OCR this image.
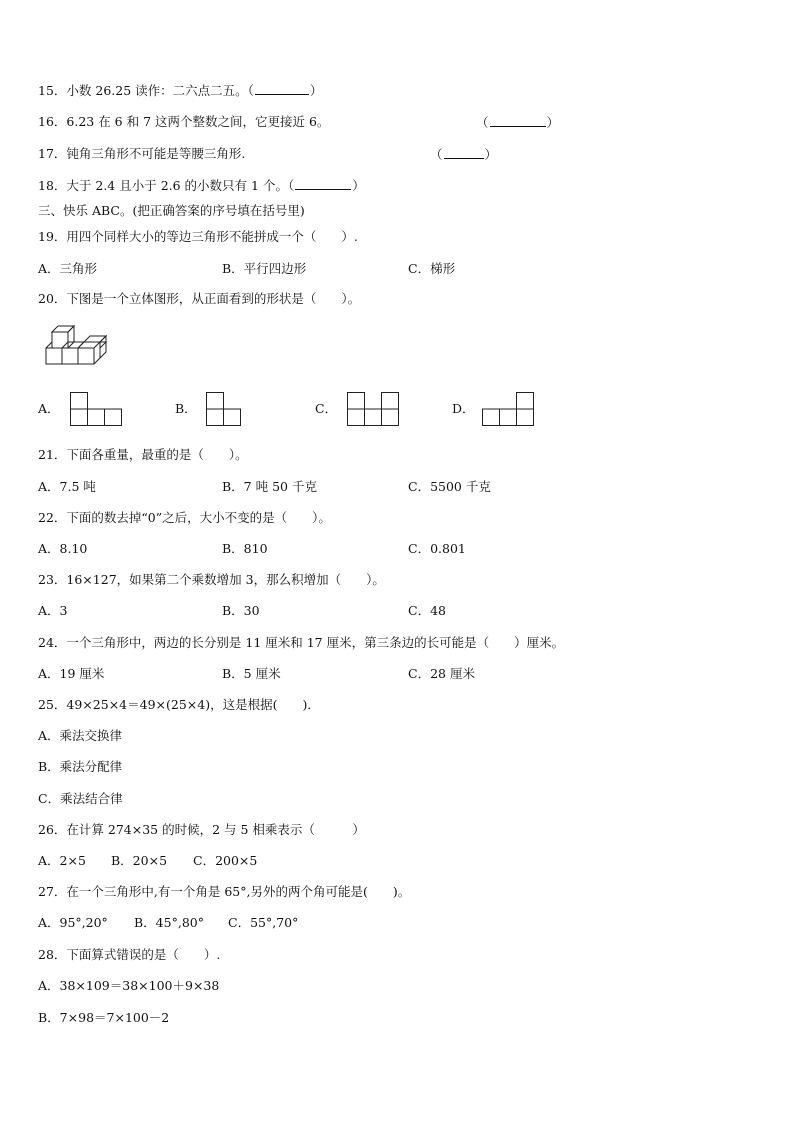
15．小数 26.25 读作：二六点二五。（	）
16．6.23 在 6 和 7 这两个整数之间，它更接近 6。	（	）
17．钝角三角形不可能是等腰三角形.	（	）
18．大于 2.4 且小于 2.6 的小数只有 1 个。（	）
三、快乐 ABC。(把正确答案的序号填在括号里)
19．用四个同样大小的等边三角形不能拼成一个（　　）.
A．三角形	B．平行四边形	C．梯形
20．下图是一个立体图形，从正面看到的形状是（　　）。
A．	B．	C．	D．
21．下面各重量，最重的是（　　）。
A．7.5 吨	B．7 吨 50 千克	C．5500 千克
22．下面的数去掉“0”之后，大小不变的是（　　）。
A．8.10	B．810	C．0.801
23．16×127，如果第二个乘数增加 3，那么积增加（　　）。
A．3	B．30	C．48
24．一个三角形中，两边的长分别是 11 厘米和 17 厘米，第三条边的长可能是（　　）厘米。
A．19 厘米	B．5 厘米	C．28 厘米
25．49×25×4＝49×(25×4)，这是根据(　　)．
A．乘法交换律
B．乘法分配律
C．乘法结合律
26．在计算 274×35 的时候，2 与 5 相乘表示（　　　）
A．2×5 B．20×5 C．200×5
27．在一个三角形中,有一个角是 65°,另外的两个角可能是(　　)。
A．95°,20° B．45°,80° C．55°,70°
28．下面算式错误的是（　　）.
A．38×109＝38×100＋9×38
B．7×98＝7×100－2
